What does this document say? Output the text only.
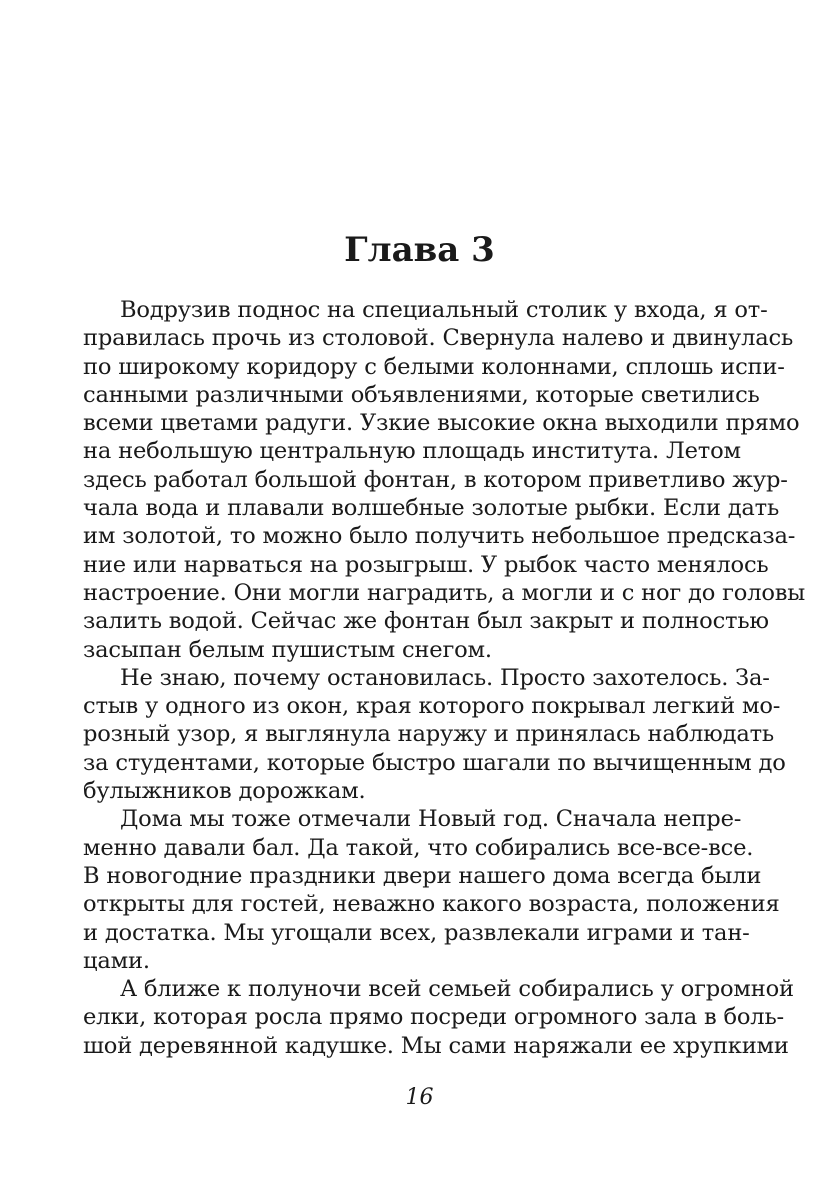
Глава 3
Водрузив поднос на специальный столик у входа, я от-
правилась прочь из столовой. Свернула налево и двинулась
по широкому коридору с белыми колоннами, сплошь испи-
санными различными объявлениями, которые светились
всеми цветами радуги. Узкие высокие окна выходили прямо
на небольшую центральную площадь института. Летом
здесь работал большой фонтан, в котором приветливо жур-
чала вода и плавали волшебные золотые рыбки. Если дать
им золотой, то можно было получить небольшое предсказа-
ние или нарваться на розыгрыш. У рыбок часто менялось
настроение. Они могли наградить, а могли и с ног до головы
залить водой. Сейчас же фонтан был закрыт и полностью
засыпан белым пушистым снегом.
Не знаю, почему остановилась. Просто захотелось. За-
стыв у одного из окон, края которого покрывал легкий мо-
розный узор, я выглянула наружу и принялась наблюдать
за студентами, которые быстро шагали по вычищенным до
булыжников дорожкам.
Дома мы тоже отмечали Новый год. Сначала непре-
менно давали бал. Да такой, что собирались все-все-все.
В новогодние праздники двери нашего дома всегда были
открыты для гостей, неважно какого возраста, положения
и достатка. Мы угощали всех, развлекали играми и тан-
цами.
А ближе к полуночи всей семьей собирались у огромной
елки, которая росла прямо посреди огромного зала в боль-
шой деревянной кадушке. Мы сами наряжали ее хрупкими
16
